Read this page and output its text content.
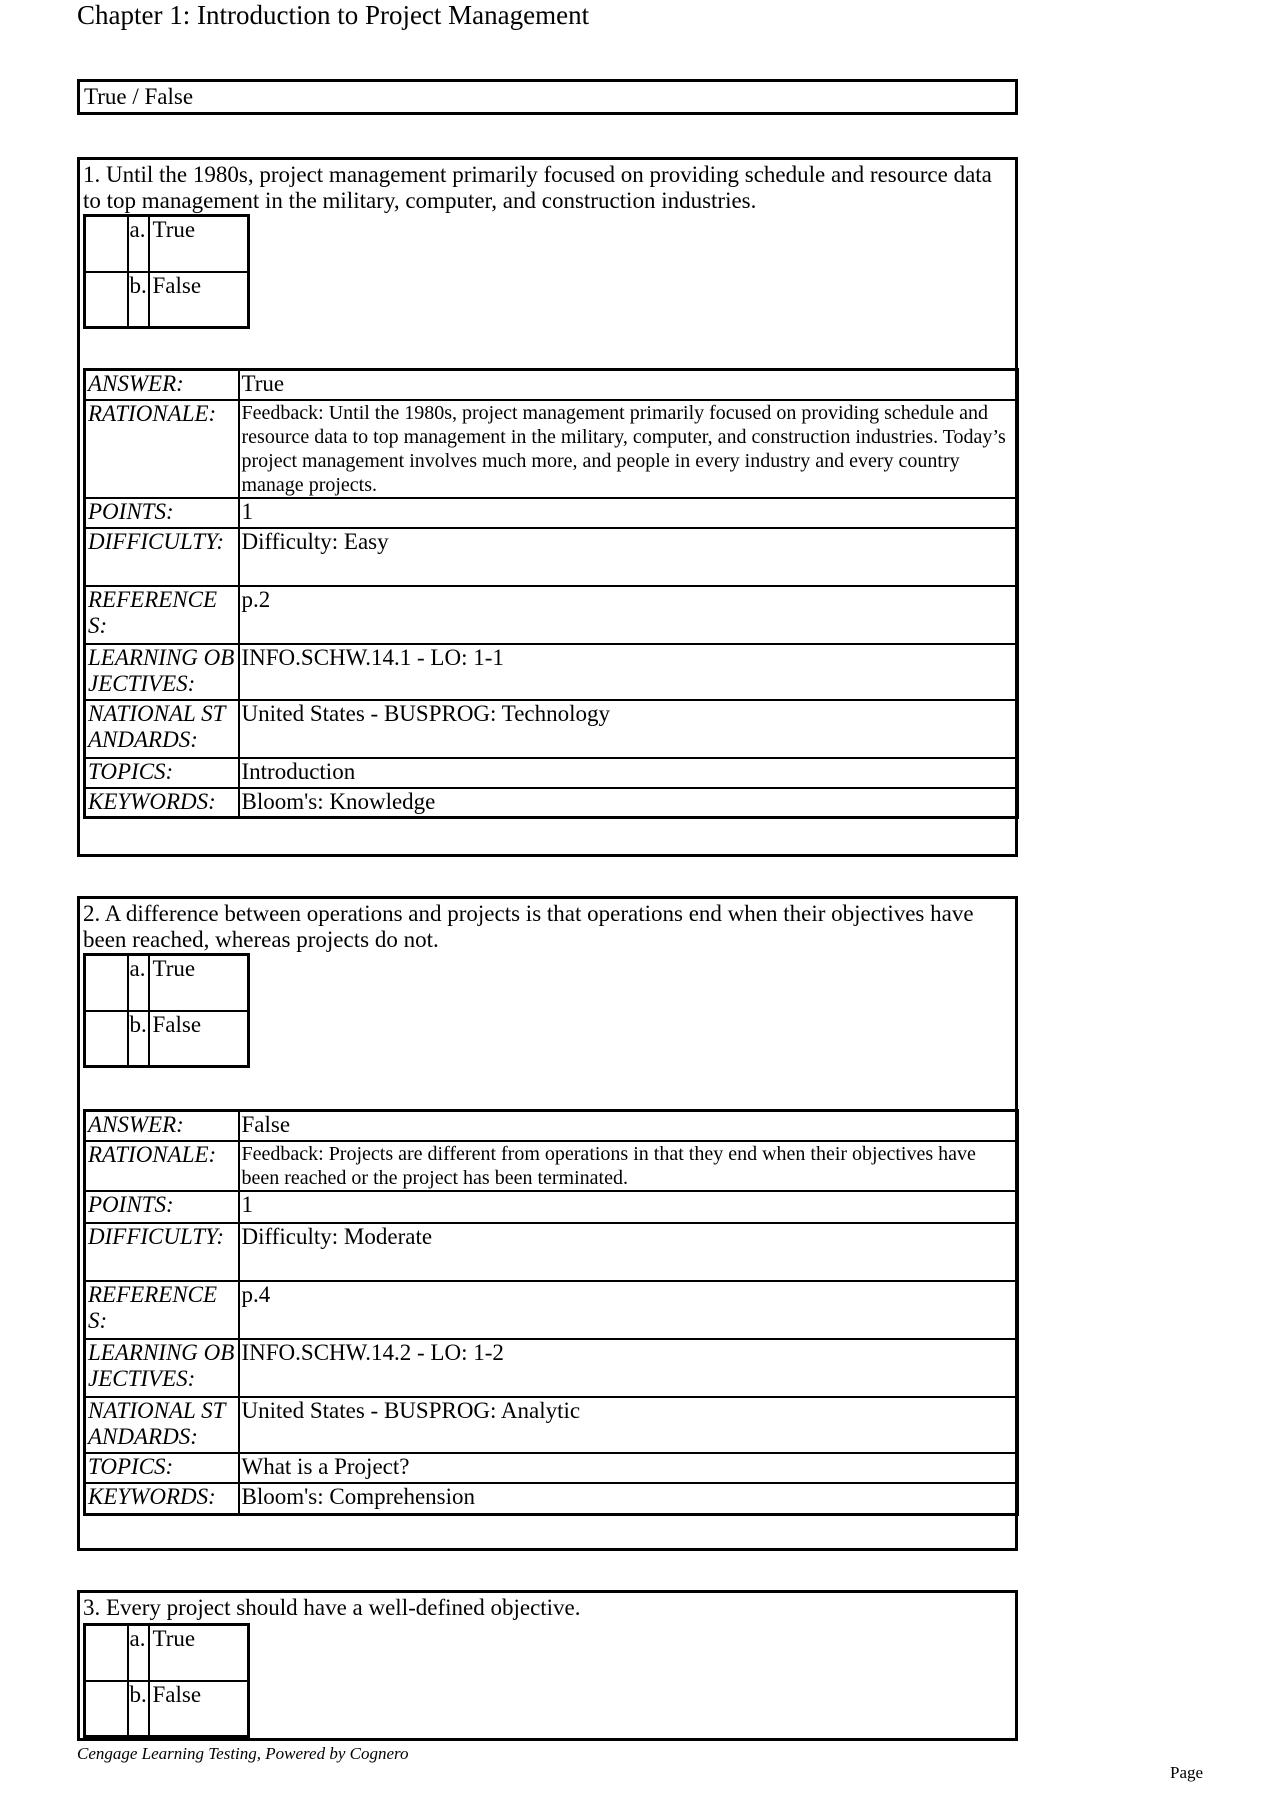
Chapter 1: Introduction to Project Management
True / False
1. Until the 1980s, project management primarily focused on providing schedule and resource data to top management in the military, computer, and construction industries.
	a.	True
	b.	False
ANSWER:	True
RATIONALE:	Feedback: Until the 1980s, project management primarily focused on providing schedule and resource data to top management in the military, computer, and construction industries. Today’s project management involves much more, and people in every industry and every country manage projects.
POINTS:	1
DIFFICULTY:	Difficulty: Easy
REFERENCES:	p.2
LEARNING OBJECTIVES:	INFO.SCHW.14.1 - LO: 1-1
NATIONAL STANDARDS:	United States - BUSPROG: Technology
TOPICS:	Introduction
KEYWORDS:	Bloom's: Knowledge
2. A difference between operations and projects is that operations end when their objectives have been reached, whereas projects do not.
	a.	True
	b.	False
ANSWER:	False
RATIONALE:	Feedback: Projects are different from operations in that they end when their objectives have been reached or the project has been terminated.
POINTS:	1
DIFFICULTY:	Difficulty: Moderate
REFERENCES:	p.4
LEARNING OBJECTIVES:	INFO.SCHW.14.2 - LO: 1-2
NATIONAL STANDARDS:	United States - BUSPROG: Analytic
TOPICS:	What is a Project?
KEYWORDS:	Bloom's: Comprehension
3. Every project should have a well-defined objective.
	a.	True
	b.	False
Cengage Learning Testing, Powered by Cognero
Page
